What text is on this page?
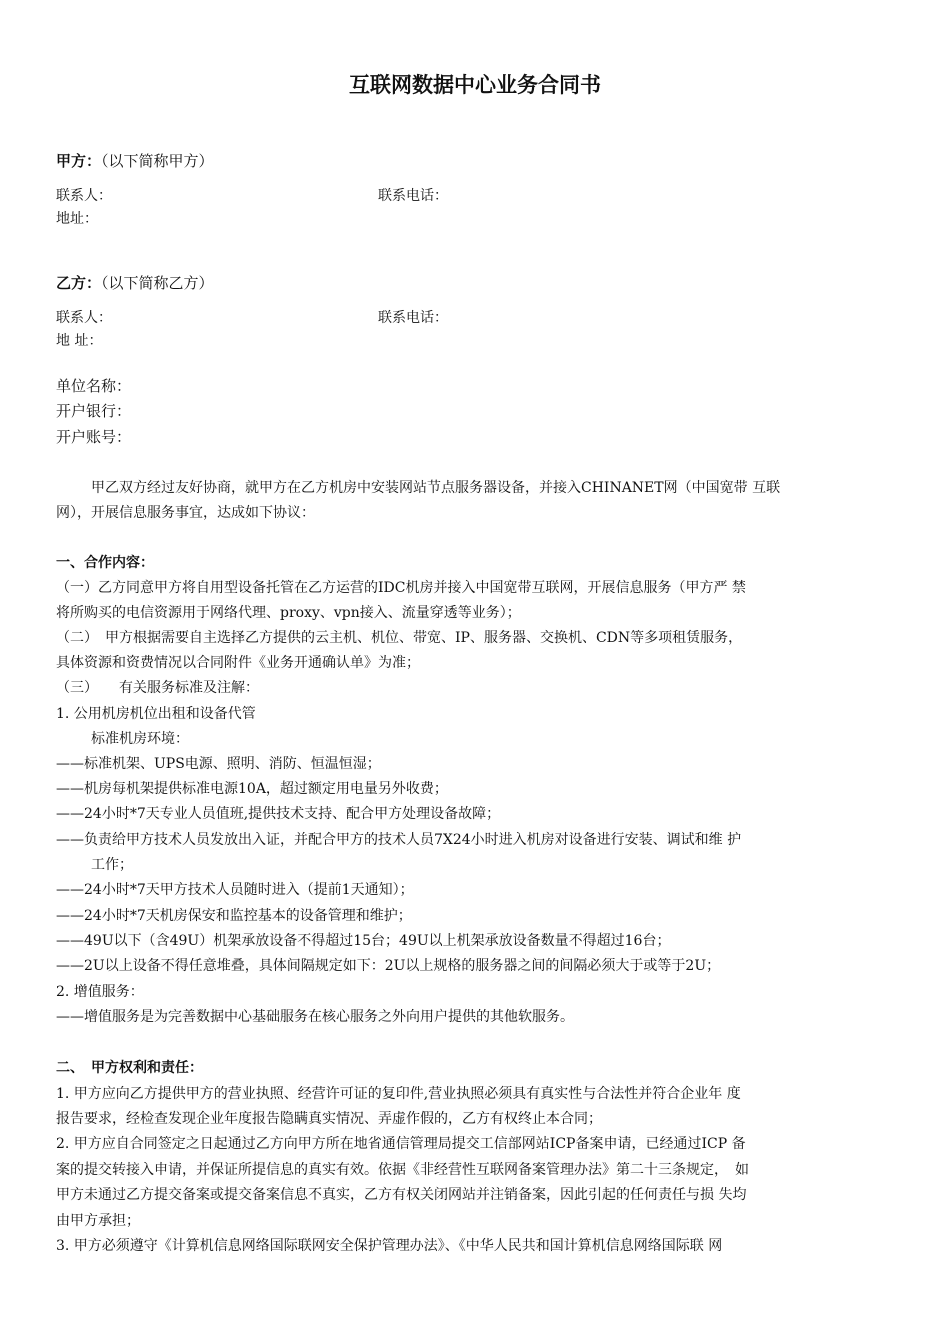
互联网数据中心业务合同书
甲方：（以下简称甲方）
联系人：	联系电话：
地址：
乙方：（以下简称乙方）
联系人：	联系电话：
地 址：
单位名称：
开户银行：
开户账号：
甲乙双方经过友好协商，就甲方在乙方机房中安装网站节点服务器设备，并接入CHINANET网（中国宽带 互联
网），开展信息服务事宜，达成如下协议：
一、合作内容：
（一）乙方同意甲方将自用型设备托管在乙方运营的IDC机房并接入中国宽带互联网，开展信息服务（甲方严 禁
将所购买的电信资源用于网络代理、proxy、vpn接入、流量穿透等业务）；
（二）　甲方根据需要自主选择乙方提供的云主机、机位、带宽、IP、服务器、交换机、CDN等多项租赁服务，
具体资源和资费情况以合同附件《业务开通确认单》为准；
（三）　　有关服务标准及注解：
1. 公用机房机位出租和设备代管
标准机房环境：
——标准机架、UPS电源、照明、消防、恒温恒湿；
——机房每机架提供标准电源10A，超过额定用电量另外收费；
——24小时*7天专业人员值班,提供技术支持、配合甲方处理设备故障；
——负责给甲方技术人员发放出入证，并配合甲方的技术人员7X24小时进入机房对设备进行安装、调试和维 护
工作；
——24小时*7天甲方技术人员随时进入（提前1天通知）；
——24小时*7天机房保安和监控基本的设备管理和维护；
——49U以下（含49U）机架承放设备不得超过15台；49U以上机架承放设备数量不得超过16台；
——2U以上设备不得任意堆叠，具体间隔规定如下：2U以上规格的服务器之间的间隔必须大于或等于2U；
2. 增值服务：
——增值服务是为完善数据中心基础服务在核心服务之外向用户提供的其他软服务。
二、　甲方权利和责任：
1. 甲方应向乙方提供甲方的营业执照、经营许可证的复印件,营业执照必须具有真实性与合法性并符合企业年 度
报告要求，经检查发现企业年度报告隐瞒真实情况、弄虚作假的，乙方有权终止本合同；
2. 甲方应自合同签定之日起通过乙方向甲方所在地省通信管理局提交工信部网站ICP备案申请，已经通过ICP 备
案的提交转接入申请，并保证所提信息的真实有效。依据《非经营性互联网备案管理办法》第二十三条规定，　如
甲方未通过乙方提交备案或提交备案信息不真实，乙方有权关闭网站并注销备案，因此引起的任何责任与损 失均
由甲方承担；
3. 甲方必须遵守《计算机信息网络国际联网安全保护管理办法》、《中华人民共和国计算机信息网络国际联 网
